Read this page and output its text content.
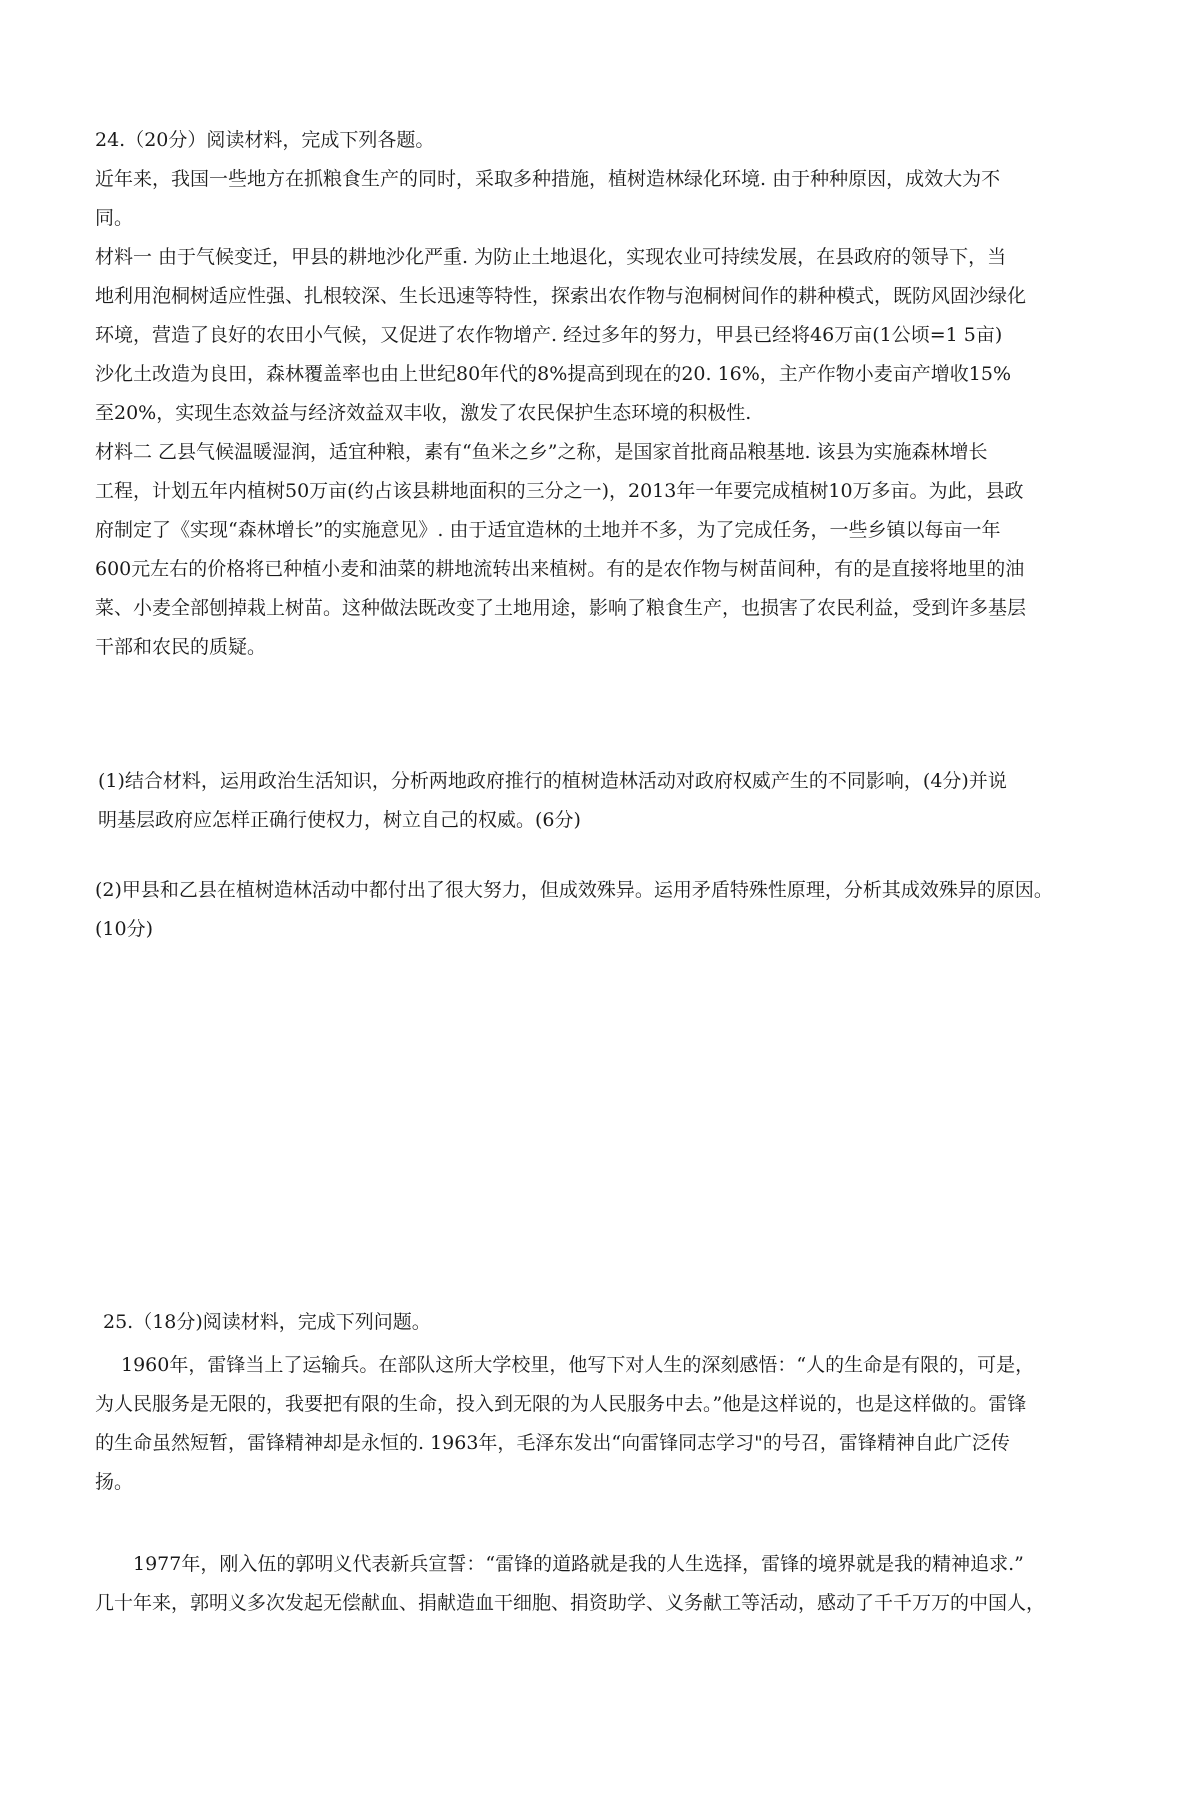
24.（20分）阅读材料，完成下列各题。
近年来，我国一些地方在抓粮食生产的同时，采取多种措施，植树造林绿化环境. 由于种种原因，成效大为不
同。
材料一 由于气候变迁，甲县的耕地沙化严重. 为防止土地退化，实现农业可持续发展，在县政府的领导下，当
地利用泡桐树适应性强、扎根较深、生长迅速等特性，探索出农作物与泡桐树间作的耕种模式，既防风固沙绿化
环境，营造了良好的农田小气候，又促进了农作物增产. 经过多年的努力，甲县已经将46万亩(1公顷=1 5亩)
沙化土改造为良田，森林覆盖率也由上世纪80年代的8%提高到现在的20. 16%，主产作物小麦亩产增收15%
至20%，实现生态效益与经济效益双丰收，激发了农民保护生态环境的积极性.
材料二 乙县气候温暖湿润，适宜种粮，素有“鱼米之乡”之称，是国家首批商品粮基地. 该县为实施森林增长
工程，计划五年内植树50万亩(约占该县耕地面积的三分之一)，2013年一年要完成植树10万多亩。为此，县政
府制定了《实现“森林增长”的实施意见》. 由于适宜造林的土地并不多，为了完成任务，一些乡镇以每亩一年
600元左右的价格将已种植小麦和油菜的耕地流转出来植树。有的是农作物与树苗间种，有的是直接将地里的油
菜、小麦全部刨掉栽上树苗。这种做法既改变了土地用途，影响了粮食生产，也损害了农民利益，受到许多基层
干部和农民的质疑。
(1)结合材料，运用政治生活知识，分析两地政府推行的植树造林活动对政府权威产生的不同影响，(4分)并说
明基层政府应怎样正确行使权力，树立自己的权威。(6分)
(2)甲县和乙县在植树造林活动中都付出了很大努力，但成效殊异。运用矛盾特殊性原理，分析其成效殊异的原因。
(10分)
25.（18分)阅读材料，完成下列问题。
1960年，雷锋当上了运输兵。在部队这所大学校里，他写下对人生的深刻感悟：“人的生命是有限的，可是，
为人民服务是无限的，我要把有限的生命，投入到无限的为人民服务中去。”他是这样说的，也是这样做的。雷锋
的生命虽然短暂，雷锋精神却是永恒的. 1963年，毛泽东发出“向雷锋同志学习"的号召，雷锋精神自此广泛传
扬。
1977年，刚入伍的郭明义代表新兵宣誓：“雷锋的道路就是我的人生选择，雷锋的境界就是我的精神追求.”
几十年来，郭明义多次发起无偿献血、捐献造血干细胞、捐资助学、义务献工等活动，感动了千千万万的中国人，
